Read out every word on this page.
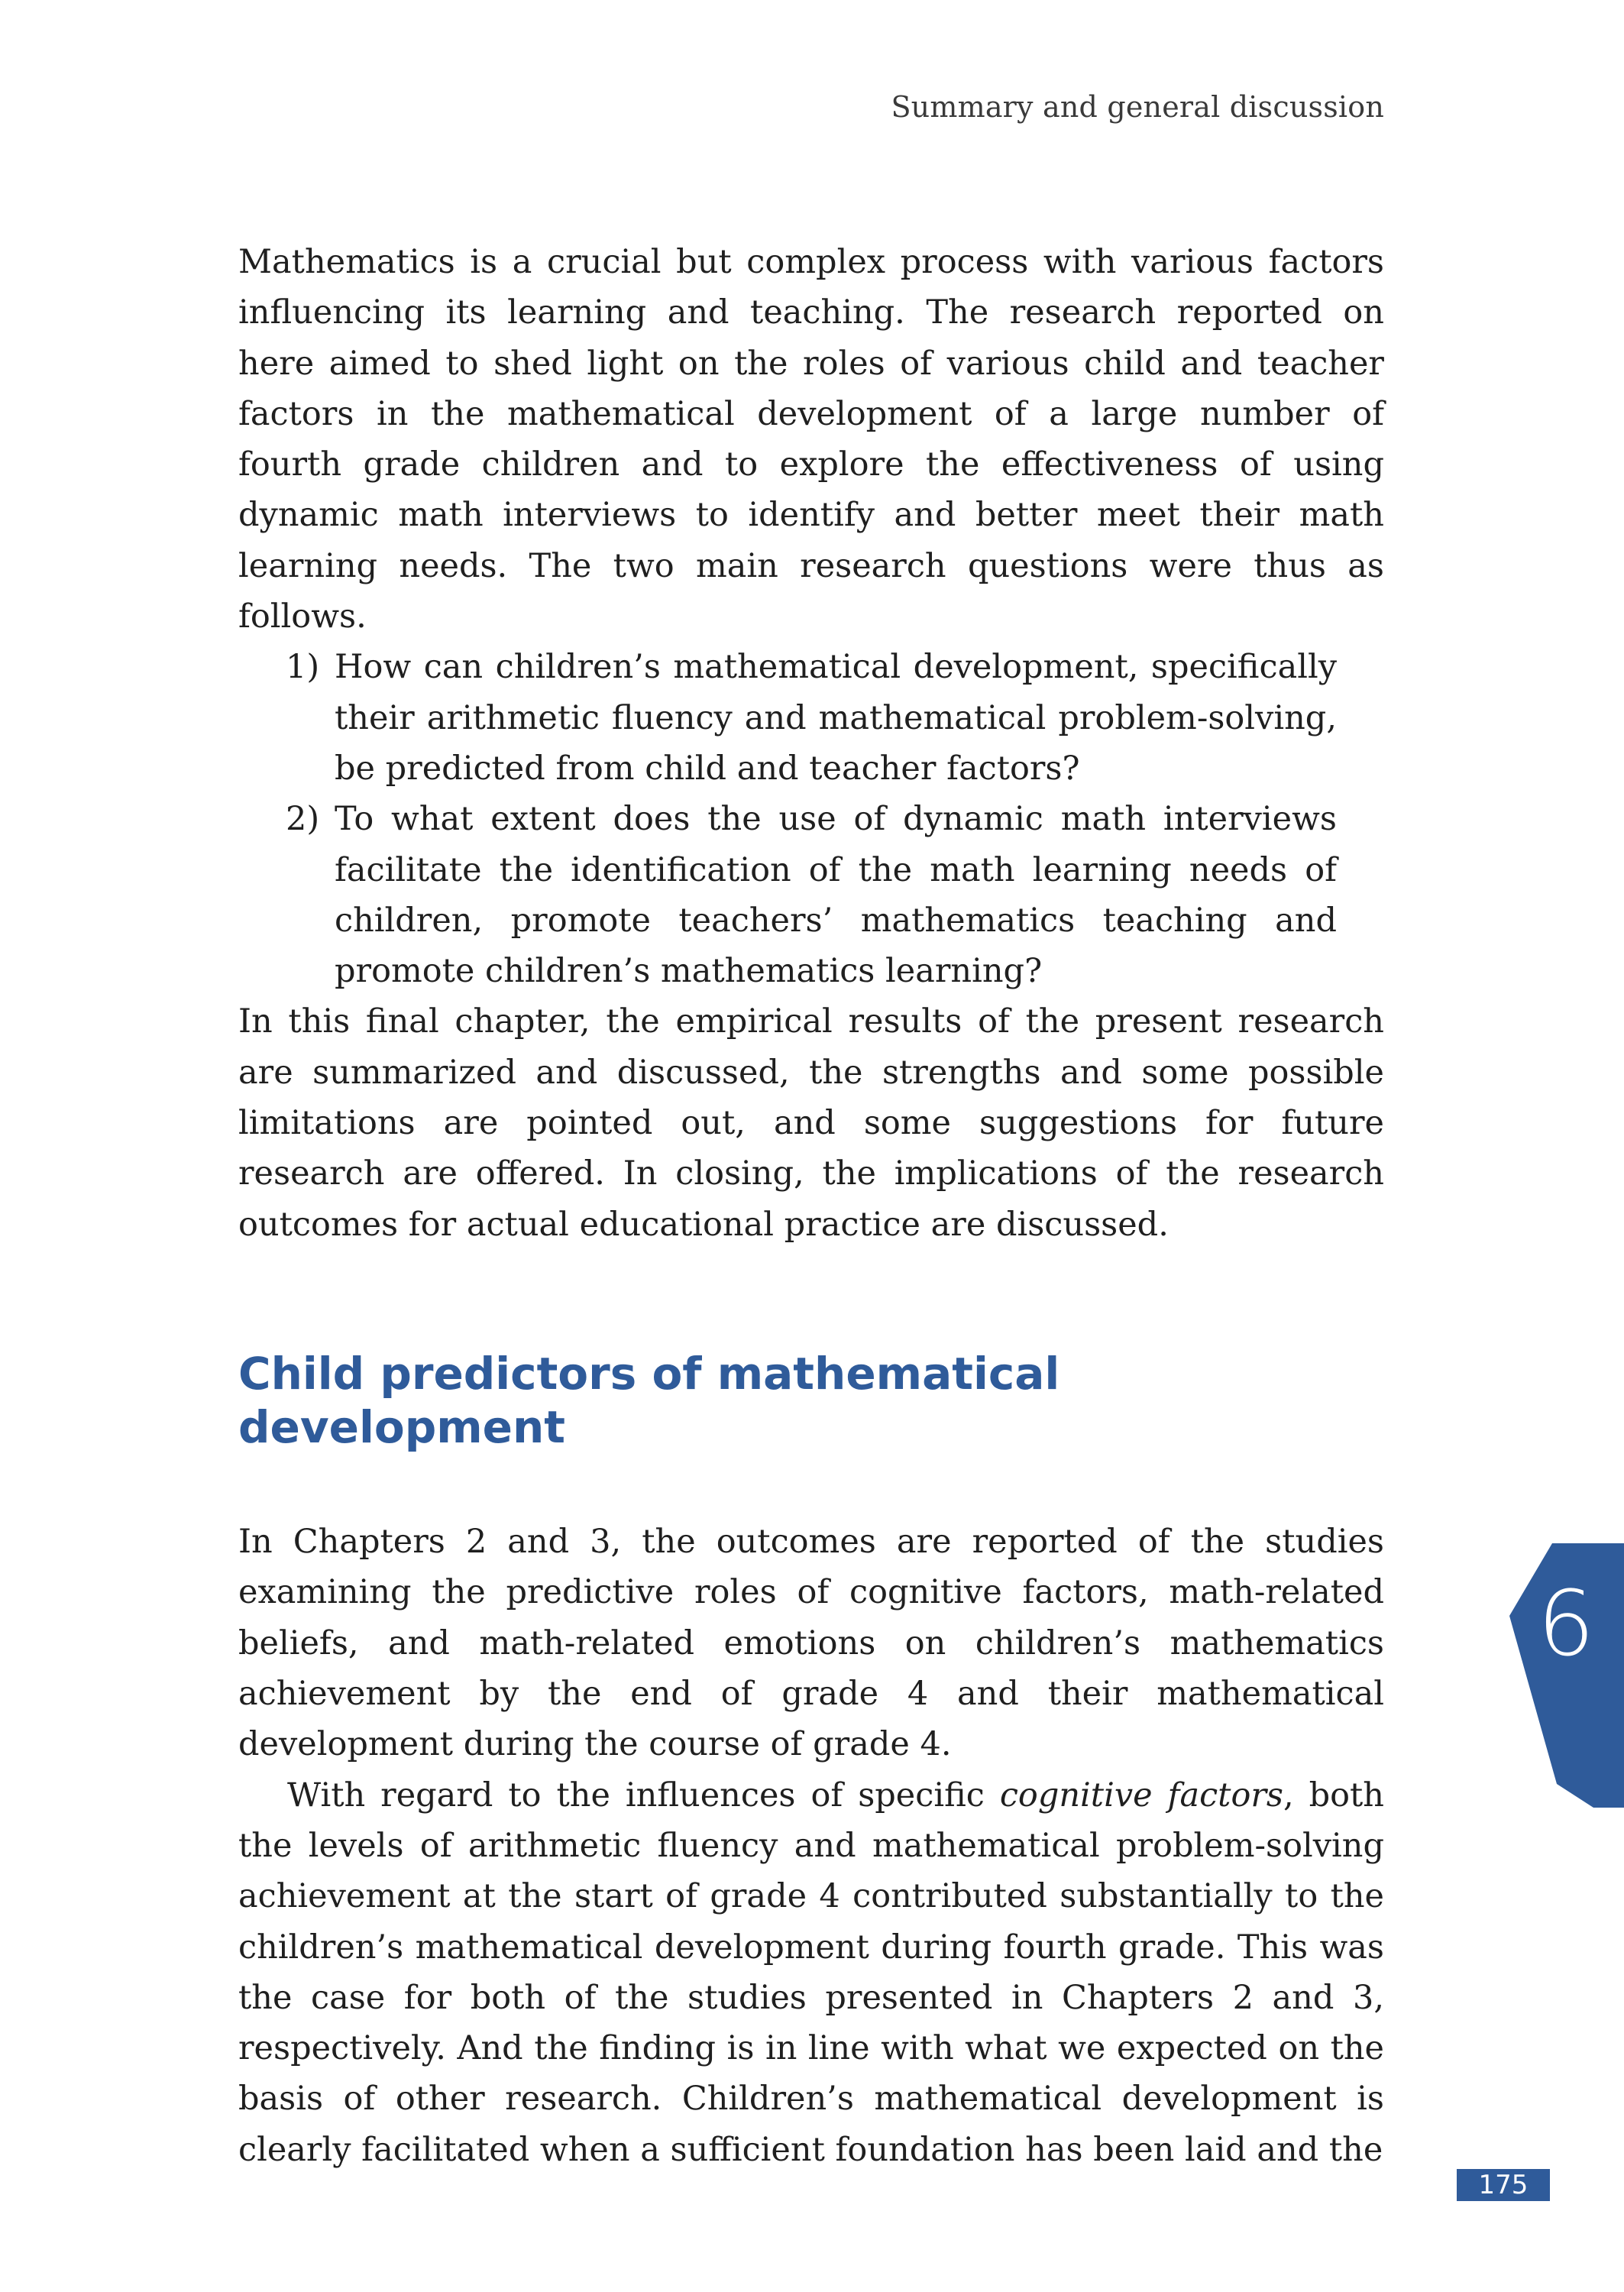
Summary and general discussion

Mathematics is a crucial but complex process with various factors influencing its learning and teaching. The research reported on here aimed to shed light on the roles of various child and teacher factors in the mathematical development of a large number of fourth grade children and to explore the effectiveness of using dynamic math interviews to identify and better meet their math learning needs. The two main research questions were thus as follows.

1) How can children’s mathematical development, specifically their arithmetic fluency and mathematical problem-solving, be predicted from child and teacher factors?
2) To what extent does the use of dynamic math interviews facilitate the identification of the math learning needs of children, promote teachers’ mathematics teaching and promote children’s mathematics learning?

In this final chapter, the empirical results of the present research are summarized and discussed, the strengths and some possible limitations are pointed out, and some suggestions for future research are offered. In closing, the implications of the research outcomes for actual educational practice are discussed.

Child predictors of mathematical development

In Chapters 2 and 3, the outcomes are reported of the studies examining the predictive roles of cognitive factors, math-related beliefs, and math-related emotions on children’s mathematics achievement by the end of grade 4 and their mathematical development during the course of grade 4.

With regard to the influences of specific cognitive factors, both the levels of arithmetic fluency and mathematical problem-solving achievement at the start of grade 4 contributed substantially to the children’s mathematical development during fourth grade. This was the case for both of the studies presented in Chapters 2 and 3, respectively. And the finding is in line with what we expected on the basis of other research. Children’s mathematical development is clearly facilitated when a sufficient foundation has been laid and the

6
175
